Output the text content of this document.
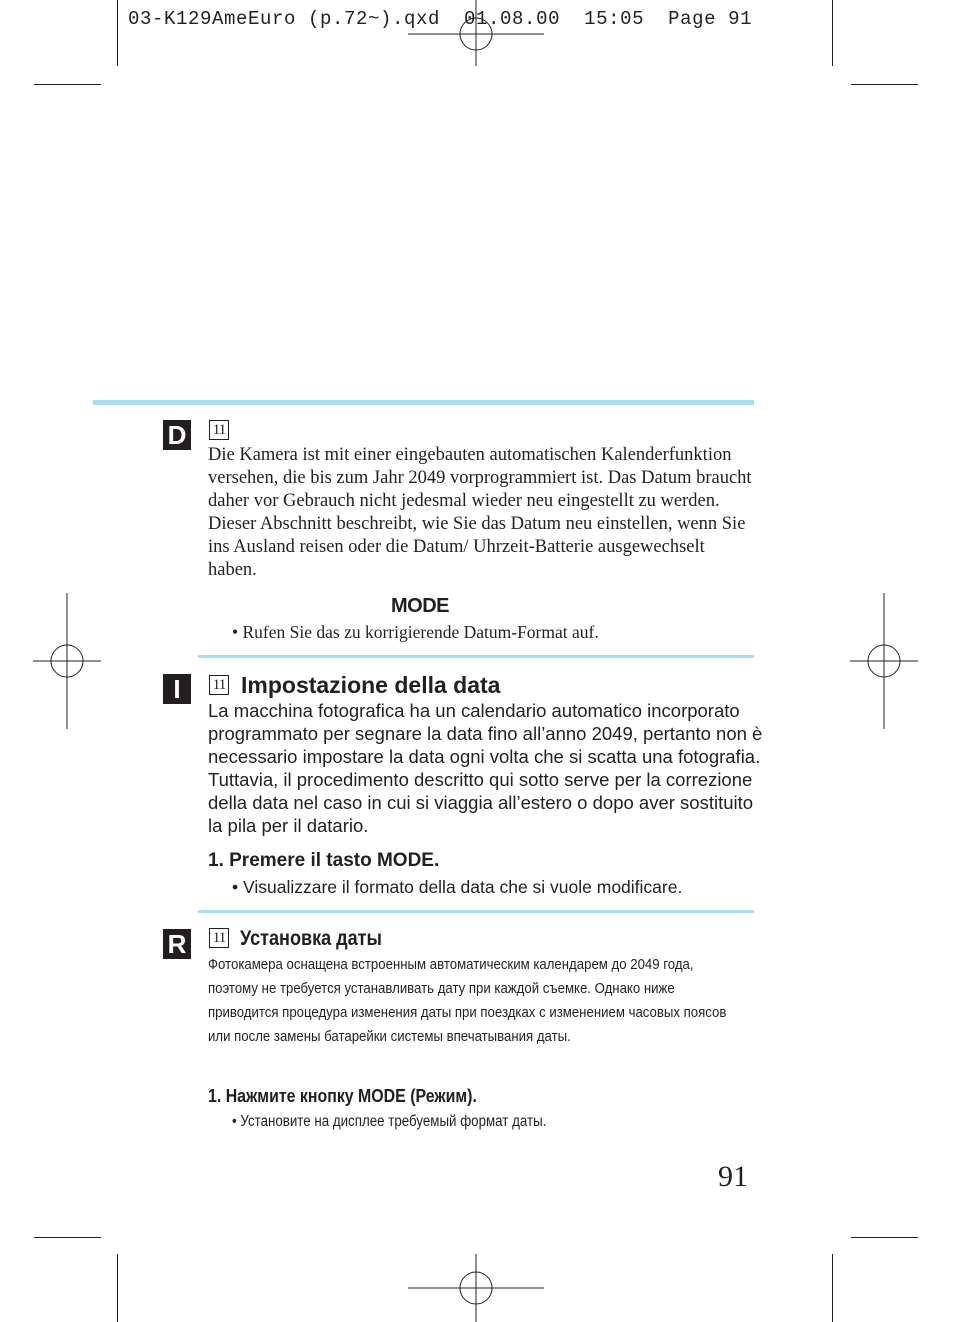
03-K129AmeEuro (p.72~).qxd  01.08.00  15:05  Page 91
D	11
Die Kamera ist mit einer eingebauten automatischen Kalenderfunktion versehen, die bis zum Jahr 2049 vorprogrammiert ist. Das Datum braucht daher vor Gebrauch nicht jedesmal wieder neu eingestellt zu werden. Dieser Abschnitt beschreibt, wie Sie das Datum neu einstellen, wenn Sie ins Ausland reisen oder die Datum/ Uhrzeit-Batterie ausgewechselt haben.
MODE
• Rufen Sie das zu korrigierende Datum-Format auf.
I	11 Impostazione della data
La macchina fotografica ha un calendario automatico incorporato programmato per segnare la data fino all’anno 2049, pertanto non è necessario impostare la data ogni volta che si scatta una fotografia. Tuttavia, il procedimento descritto qui sotto serve per la correzione della data nel caso in cui si viaggia all’estero o dopo aver sostituito la pila per il datario.
1. Premere il tasto MODE.
• Visualizzare il formato della data che si vuole modificare.
R	11 Установка даты
Фотокамера оснащена встроенным автоматическим календарем до 2049 года, поэтому не требуется устанавливать дату при каждой съемке. Однако ниже приводится процедура изменения даты при поездках с изменением часовых поясов или после замены батарейки системы впечатывания даты.
1. Нажмите кнопку MODE (Режим).
• Установите на дисплее требуемый формат даты.
91
